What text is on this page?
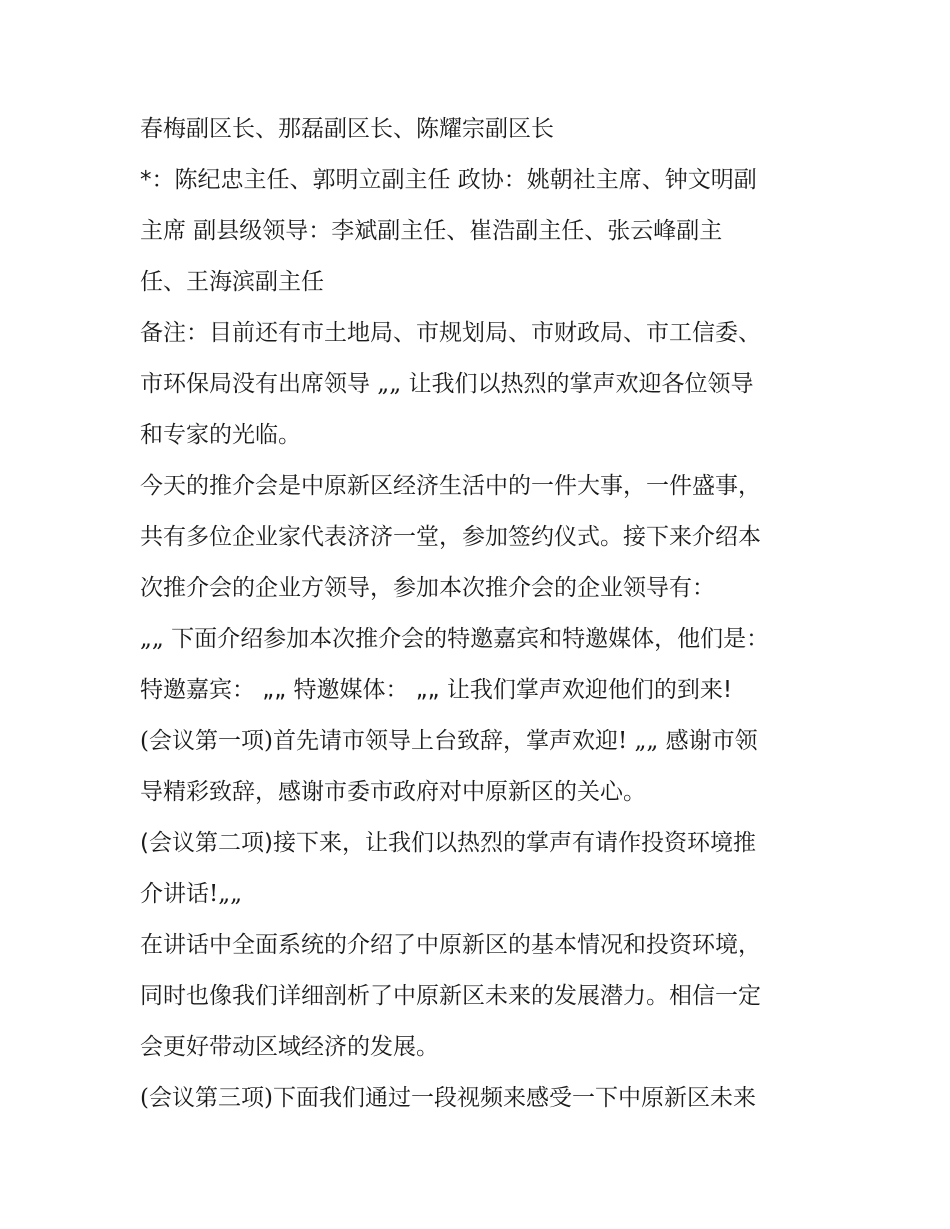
春梅副区长、那磊副区长、陈耀宗副区长
*：陈纪忠主任、郭明立副主任 政协：姚朝社主席、钟文明副
主席 副县级领导：李斌副主任、崔浩副主任、张云峰副主
任、王海滨副主任
备注：目前还有市土地局、市规划局、市财政局、市工信委、
市环保局没有出席领导 „„ 让我们以热烈的掌声欢迎各位领导
和专家的光临。
今天的推介会是中原新区经济生活中的一件大事，一件盛事，
共有多位企业家代表济济一堂，参加签约仪式。接下来介绍本
次推介会的企业方领导，参加本次推介会的企业领导有：
„„ 下面介绍参加本次推介会的特邀嘉宾和特邀媒体，他们是：
特邀嘉宾： „„ 特邀媒体： „„ 让我们掌声欢迎他们的到来!
(会议第一项)首先请市领导上台致辞，掌声欢迎! „„ 感谢市领
导精彩致辞，感谢市委市政府对中原新区的关心。
(会议第二项)接下来，让我们以热烈的掌声有请作投资环境推
介讲话!„„
在讲话中全面系统的介绍了中原新区的基本情况和投资环境，
同时也像我们详细剖析了中原新区未来的发展潜力。相信一定
会更好带动区域经济的发展。
(会议第三项)下面我们通过一段视频来感受一下中原新区未来
